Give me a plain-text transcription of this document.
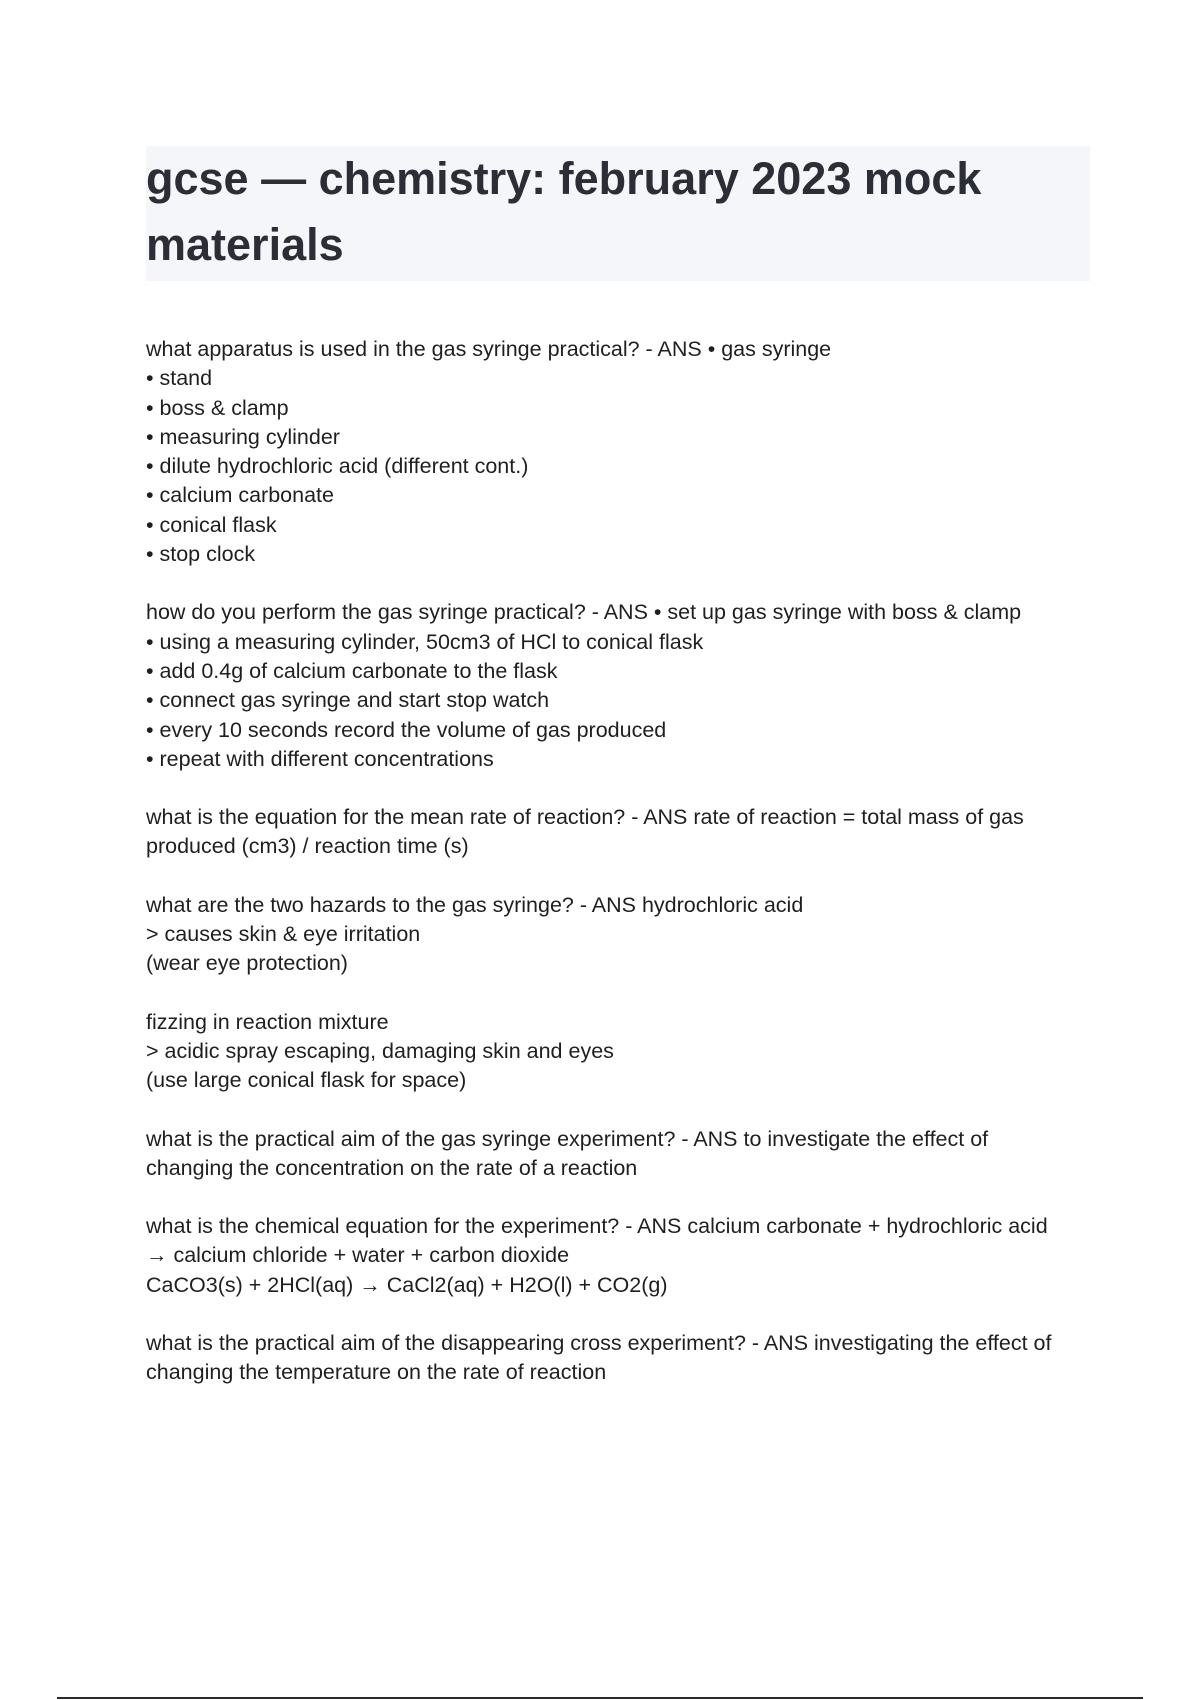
gcse — chemistry: february 2023 mock materials
what apparatus is used in the gas syringe practical? - ANS • gas syringe
• stand
• boss & clamp
• measuring cylinder
• dilute hydrochloric acid (different cont.)
• calcium carbonate
• conical flask
• stop clock
how do you perform the gas syringe practical? - ANS • set up gas syringe with boss & clamp
• using a measuring cylinder, 50cm3 of HCl to conical flask
• add 0.4g of calcium carbonate to the flask
• connect gas syringe and start stop watch
• every 10 seconds record the volume of gas produced
• repeat with different concentrations
what is the equation for the mean rate of reaction? - ANS rate of reaction = total mass of gas
produced (cm3) / reaction time (s)
what are the two hazards to the gas syringe? - ANS hydrochloric acid
> causes skin & eye irritation
(wear eye protection)
fizzing in reaction mixture
> acidic spray escaping, damaging skin and eyes
(use large conical flask for space)
what is the practical aim of the gas syringe experiment? - ANS to investigate the effect of
changing the concentration on the rate of a reaction
what is the chemical equation for the experiment? - ANS calcium carbonate + hydrochloric acid
→ calcium chloride + water + carbon dioxide
CaCO3(s) + 2HCl(aq) → CaCl2(aq) + H2O(l) + CO2(g)
what is the practical aim of the disappearing cross experiment? - ANS investigating the effect of
changing the temperature on the rate of reaction
